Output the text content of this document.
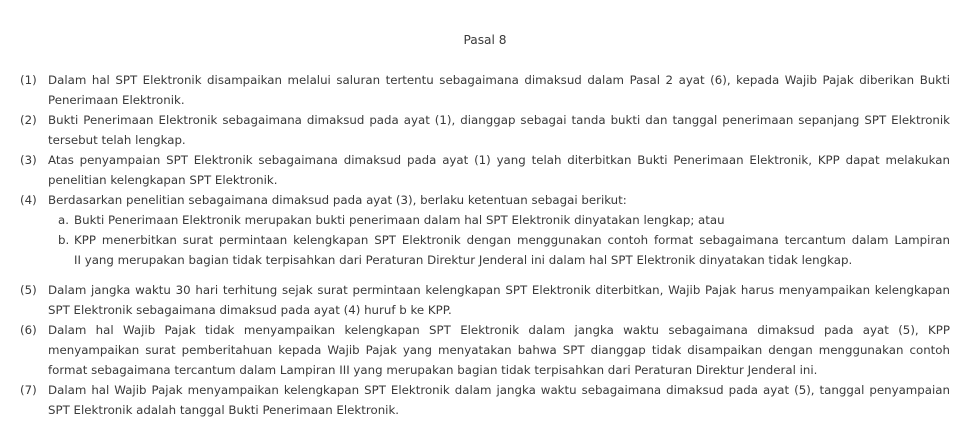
Pasal 8
(1) Dalam hal SPT Elektronik disampaikan melalui saluran tertentu sebagaimana dimaksud dalam Pasal 2 ayat (6), kepada Wajib Pajak diberikan Bukti
Penerimaan Elektronik.
(2) Bukti Penerimaan Elektronik sebagaimana dimaksud pada ayat (1), dianggap sebagai tanda bukti dan tanggal penerimaan sepanjang SPT Elektronik
tersebut telah lengkap.
(3) Atas penyampaian SPT Elektronik sebagaimana dimaksud pada ayat (1) yang telah diterbitkan Bukti Penerimaan Elektronik, KPP dapat melakukan
penelitian kelengkapan SPT Elektronik.
(4) Berdasarkan penelitian sebagaimana dimaksud pada ayat (3), berlaku ketentuan sebagai berikut:
a. Bukti Penerimaan Elektronik merupakan bukti penerimaan dalam hal SPT Elektronik dinyatakan lengkap; atau
b. KPP menerbitkan surat permintaan kelengkapan SPT Elektronik dengan menggunakan contoh format sebagaimana tercantum dalam Lampiran
II yang merupakan bagian tidak terpisahkan dari Peraturan Direktur Jenderal ini dalam hal SPT Elektronik dinyatakan tidak lengkap.
(5) Dalam jangka waktu 30 hari terhitung sejak surat permintaan kelengkapan SPT Elektronik diterbitkan, Wajib Pajak harus menyampaikan kelengkapan
SPT Elektronik sebagaimana dimaksud pada ayat (4) huruf b ke KPP.
(6) Dalam hal Wajib Pajak tidak menyampaikan kelengkapan SPT Elektronik dalam jangka waktu sebagaimana dimaksud pada ayat (5), KPP
menyampaikan surat pemberitahuan kepada Wajib Pajak yang menyatakan bahwa SPT dianggap tidak disampaikan dengan menggunakan contoh
format sebagaimana tercantum dalam Lampiran III yang merupakan bagian tidak terpisahkan dari Peraturan Direktur Jenderal ini.
(7) Dalam hal Wajib Pajak menyampaikan kelengkapan SPT Elektronik dalam jangka waktu sebagaimana dimaksud pada ayat (5), tanggal penyampaian
SPT Elektronik adalah tanggal Bukti Penerimaan Elektronik.
